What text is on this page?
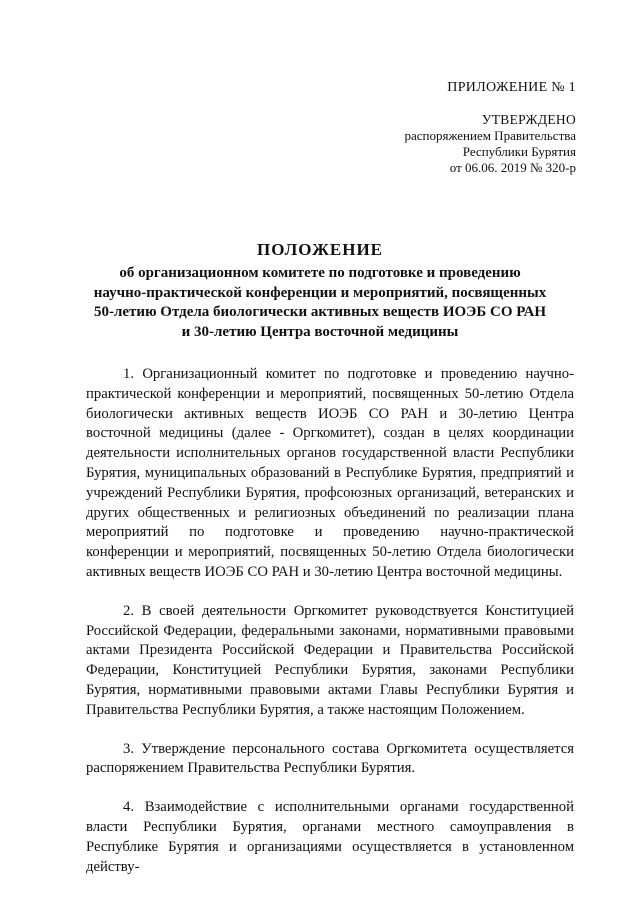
ПРИЛОЖЕНИЕ № 1
УТВЕРЖДЕНО
распоряжением Правительства
Республики Бурятия
от 06.06. 2019 № 320-р
ПОЛОЖЕНИЕ
об организационном комитете по подготовке и проведению
научно-практической конференции и мероприятий, посвященных
50-летию Отдела биологически активных веществ ИОЭБ СО РАН
и 30-летию Центра восточной медицины

1. Организационный комитет по подготовке и проведению научно-практической конференции и мероприятий, посвященных 50-летию Отдела биологически активных веществ ИОЭБ СО РАН и 30-летию Центра восточной медицины (далее - Оргкомитет), создан в целях координации деятельности исполнительных органов государственной власти Республики Бурятия, муниципальных образований в Республике Бурятия, предприятий и учреждений Республики Бурятия, профсоюзных организаций, ветеранских и других общественных и религиозных объединений по реализации плана мероприятий по подготовке и проведению научно-практической конференции и мероприятий, посвященных 50-летию Отдела биологически активных веществ ИОЭБ СО РАН и 30-летию Центра восточной медицины.

2. В своей деятельности Оргкомитет руководствуется Конституцией Российской Федерации, федеральными законами, нормативными правовыми актами Президента Российской Федерации и Правительства Российской Федерации, Конституцией Республики Бурятия, законами Республики Бурятия, нормативными правовыми актами Главы Республики Бурятия и Правительства Республики Бурятия, а также настоящим Положением.

3. Утверждение персонального состава Оргкомитета осуществляется распоряжением Правительства Республики Бурятия.

4. Взаимодействие с исполнительными органами государственной власти Республики Бурятия, органами местного самоуправления в Республике Бурятия и организациями осуществляется в установленном действу-
